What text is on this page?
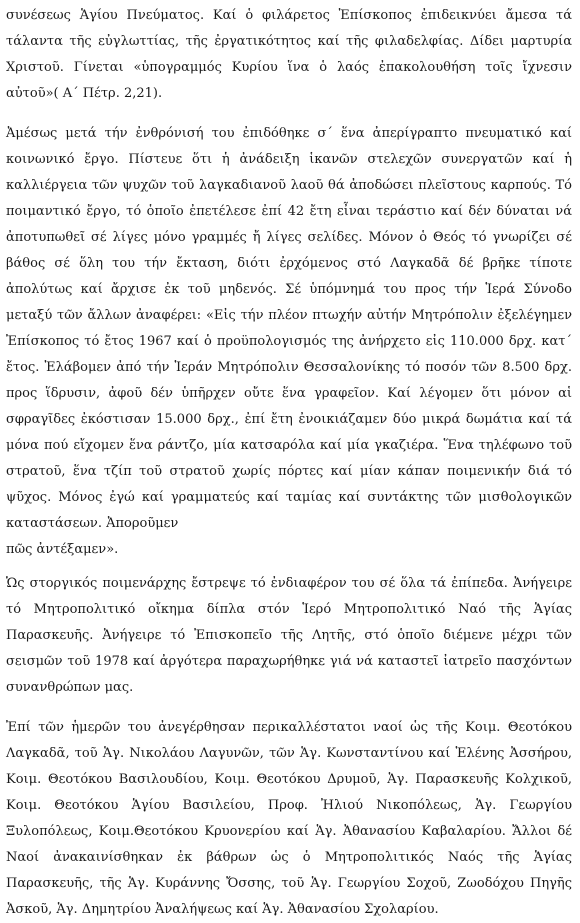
συνέσεως Ἁγίου Πνεύματος. Καί ὁ φιλάρετος Ἐπίσκοπος ἐπιδεικνύει ἄμεσα τά τάλαντα τῆς εὐγλωττίας, τῆς ἐργατικότητος καί τῆς φιλαδελφίας. Δίδει μαρτυρία Χριστοῦ. Γίνεται «ὑπογραμμός Κυρίου ἵνα ὁ λαός ἐπακολουθήση τοῖς ἴχνεσιν αὐτοῦ»( Α΄ Πέτρ. 2,21).

Ἀμέσως μετά τήν ἐνθρόνισή του ἐπιδόθηκε σ΄ ἕνα ἀπερίγραπτο πνευματικό καί κοινωνικό ἔργο. Πίστευε ὅτι ἡ ἀνάδειξη ἱκανῶν στελεχῶν συνεργατῶν καί ἡ καλλιέργεια τῶν ψυχῶν τοῦ λαγκαδιανοῦ λαοῦ θά ἀποδώσει πλεῖστους καρπούς. Τό ποιμαντικό ἔργο, τό ὁποῖο ἐπετέλεσε ἐπί 42 ἔτη εἶναι τεράστιο καί δέν δύναται νά ἀποτυπωθεῖ σέ λίγες μόνο γραμμές ἤ λίγες σελίδες. Μόνον ὁ Θεός τό γνωρίζει σέ βάθος σέ ὅλη του τήν ἔκταση, διότι ἐρχόμενος στό Λαγκαδᾶ δέ βρῆκε τίποτε ἀπολύτως καί ἄρχισε ἐκ τοῦ μηδενός. Σέ ὑπόμνημά του προς τήν Ἱερά Σύνοδο μεταξύ τῶν ἄλλων ἀναφέρει: «Εἰς τήν πλέον πτωχήν αὐτήν Μητρόπολιν ἐξελέγημεν Ἐπίσκοπος τό ἔτος 1967 καί ὁ προϋπολογισμός της ἀνήρχετο εἰς 110.000 δρχ. κατ΄ ἔτος. Ἐλάβομεν ἀπό τήν Ἱεράν Μητρόπολιν Θεσσαλονίκης τό ποσόν τῶν 8.500 δρχ. προς ἵδρυσιν, ἀφοῦ δέν ὑπῆρχεν οὔτε ἕνα γραφεῖον. Καί λέγομεν ὅτι μόνον αἱ σφραγῖδες ἐκόστισαν 15.000 δρχ., ἐπί ἔτη ἐνοικιάζαμεν δύο μικρά δωμάτια καί τά μόνα πού εἴχομεν ἕνα ράντζο, μία κατσαρόλα καί μία γκαζιέρα. Ἕνα τηλέφωνο τοῦ στρατοῦ, ἕνα τζίπ τοῦ στρατοῦ χωρίς πόρτες καί μίαν κάπαν ποιμενικήν διά τό ψῦχος. Μόνος ἐγώ καί γραμματεύς καί ταμίας καί συντάκτης τῶν μισθολογικῶν καταστάσεων. Ἀπορoῦμεν

πῶς ἀντέξαμεν».

Ὡς στοργικός ποιμενάρχης ἔστρεψε τό ἐνδιαφέρον του σέ ὅλα τά ἐπίπεδα. Ἀνήγειρε τό Μητροπολιτικό οἴκημα δίπλα στόν Ἱερό Μητροπολιτικό Ναό τῆς Ἁγίας Παρασκευῆς. Ἀνήγειρε τό Ἐπισκοπεῖο τῆς Λητῆς, στό ὁποῖο διέμενε μέχρι τῶν σεισμῶν τοῦ 1978 καί ἀργότερα παραχωρήθηκε γιά νά καταστεῖ ἰατρεῖο πασχόντων συνανθρώπων μας.

Ἐπί τῶν ἡμερῶν του ἀνεγέρθησαν περικαλλέστατοι ναοί ὡς τῆς Κοιμ. Θεοτόκου Λαγκαδᾶ, τοῦ Ἁγ. Νικολάου Λαγυνῶν, τῶν Ἁγ. Κωνσταντίνου καί Ἑλένης Ἀσσήρου, Κοιμ. Θεοτόκου Βασιλουδίου, Κοιμ. Θεοτόκου Δρυμοῦ, Ἁγ. Παρασκευῆς Κολχικοῦ, Κοιμ. Θεοτόκου Ἁγίου Βασιλείου, Προφ. Ἠλιού Νικοπόλεως, Ἁγ. Γεωργίου Ξυλοπόλεως, Κοιμ.Θεοτόκου Κρυονερίου καί Ἁγ. Ἀθανασίου Καβαλαρίου. Ἄλλοι δέ Ναοί ἀνακαινίσθηκαν ἐκ βάθρων ὡς ὁ Μητροπολιτικός Ναός τῆς Ἁγίας Παρασκευῆς, τῆς Ἁγ. Κυράννης Ὄσσης, τοῦ Ἁγ. Γεωργίου Σοχοῦ, Ζωοδόχου Πηγῆς Ἀσκοῦ, Ἁγ. Δημητρίου Ἀναλήψεως καί Ἁγ. Ἀθανασίου Σχολαρίου.
